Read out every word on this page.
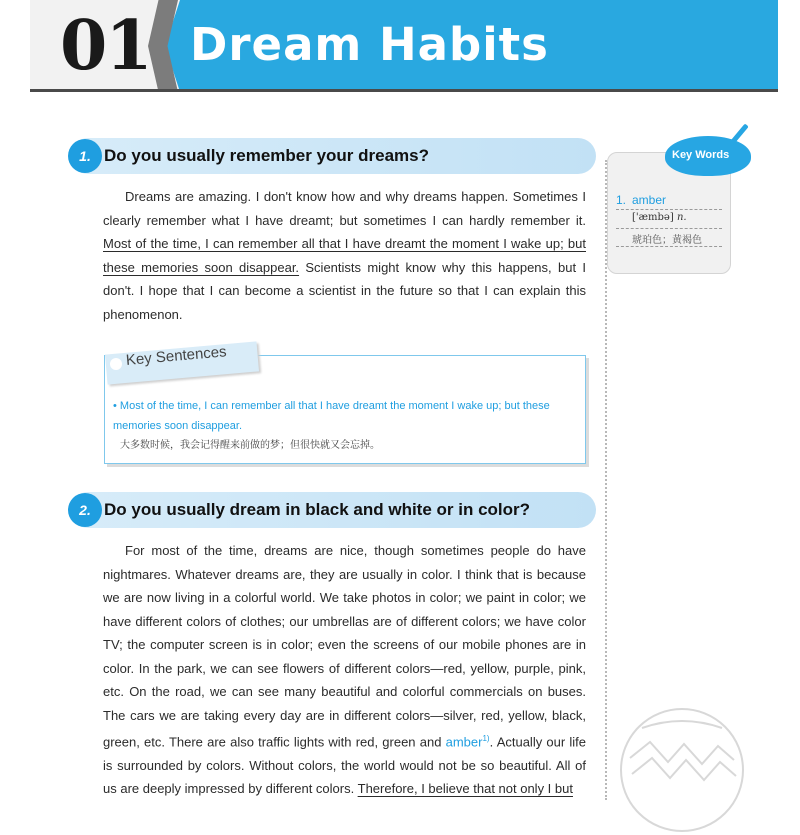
01 Dream Habits
1. Do you usually remember your dreams?

Dreams are amazing. I don't know how and why dreams happen. Sometimes I clearly remember what I have dreamt; but sometimes I can hardly remember it. Most of the time, I can remember all that I have dreamt the moment I wake up; but these memories soon disappear. Scientists might know why this happens, but I don't. I hope that I can become a scientist in the future so that I can explain this phenomenon.

Key Sentences

• Most of the time, I can remember all that I have dreamt the moment I wake up; but these memories soon disappear.

大多数时候，我会记得醒来前做的梦；但很快就又会忘掉。
2. Do you usually dream in black and white or in color?

For most of the time, dreams are nice, though sometimes people do have nightmares. Whatever dreams are, they are usually in color. I think that is because we are now living in a colorful world. We take photos in color; we paint in color; we have different colors of clothes; our umbrellas are of different colors; we have color TV; the computer screen is in color; even the screens of our mobile phones are in color. In the park, we can see flowers of different colors—red, yellow, purple, pink, etc. On the road, we can see many beautiful and colorful commercials on buses. The cars we are taking every day are in different colors—silver, red, yellow, black, green, etc. There are also traffic lights with red, green and amber$^{1)}$. Actually our life is surrounded by colors. Without colors, the world would not be so beautiful. All of us are deeply impressed by different colors. Therefore, I believe that not only I but

Key Words
1. amber
['æmbə] n.
琥珀色；黄褐色
